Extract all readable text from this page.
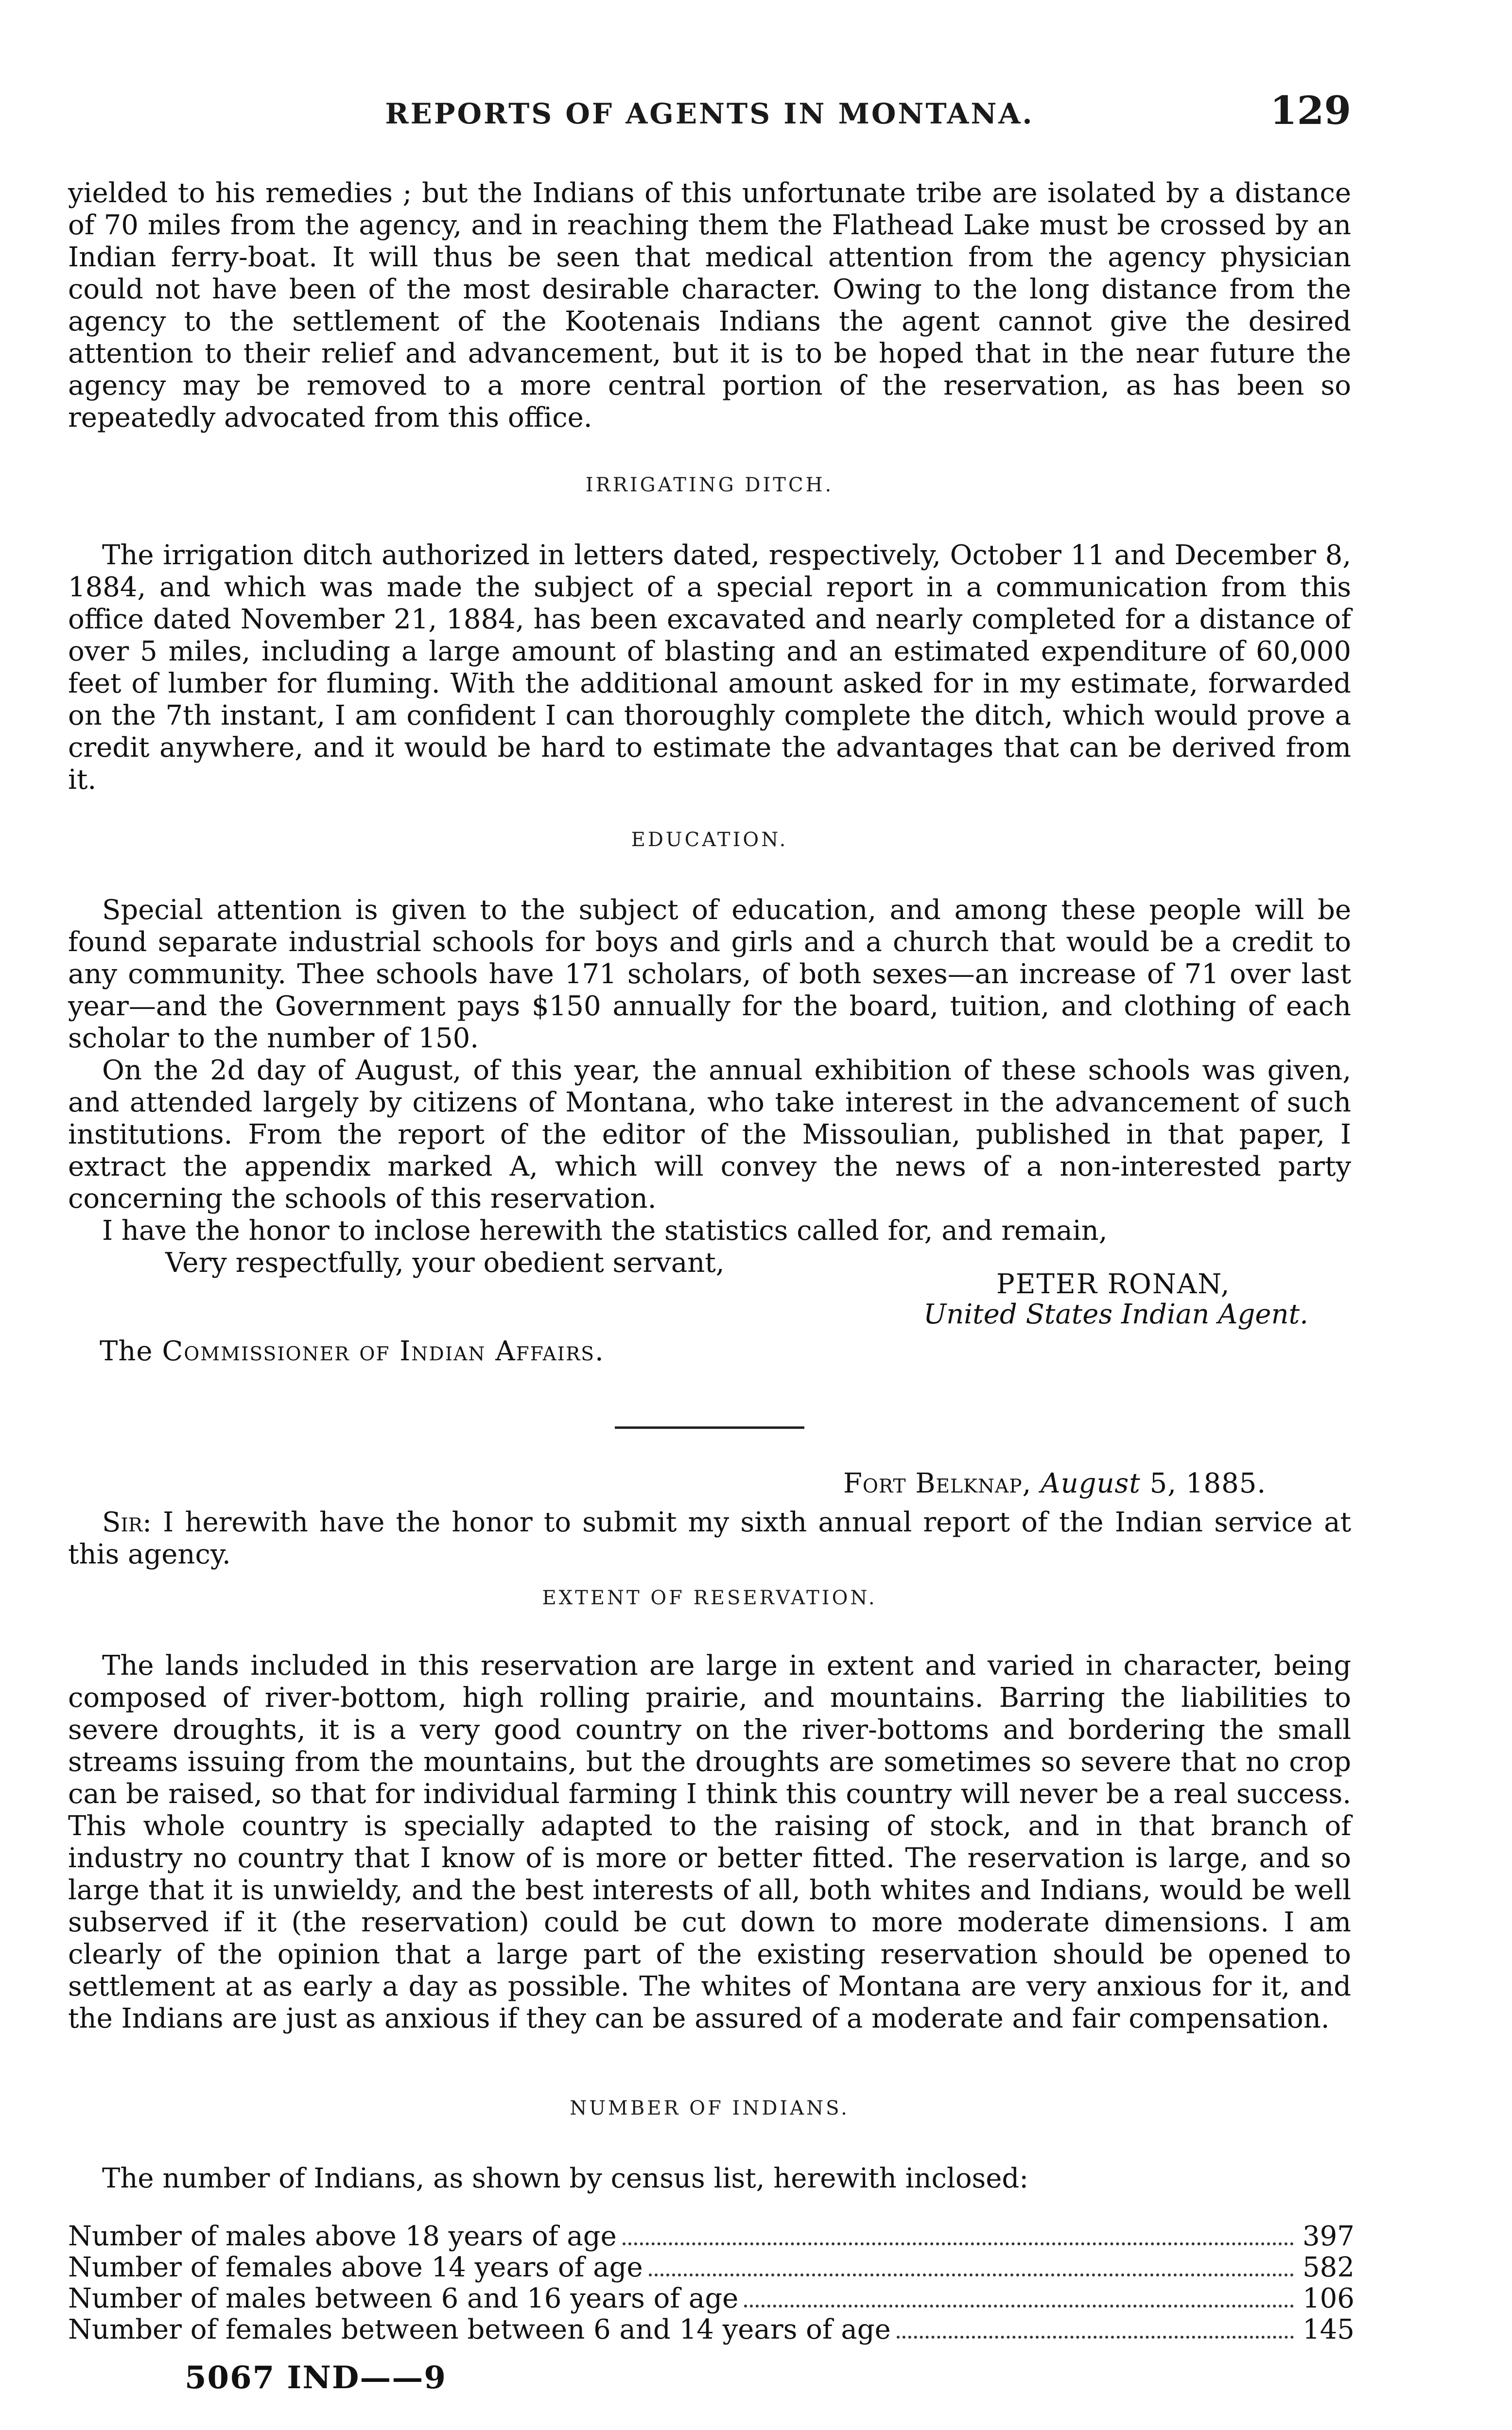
REPORTS OF AGENTS IN MONTANA.	129

yielded to his remedies ; but the Indians of this unfortunate tribe are isolated by a distance of 70 miles from the agency, and in reaching them the Flathead Lake must be crossed by an Indian ferry-boat. It will thus be seen that medical attention from the agency physician could not have been of the most desirable character. Owing to the long distance from the agency to the settlement of the Kootenais Indians the agent cannot give the desired attention to their relief and advancement, but it is to be hoped that in the near future the agency may be removed to a more central portion of the reservation, as has been so repeatedly advocated from this office.

IRRIGATING DITCH.

The irrigation ditch authorized in letters dated, respectively, October 11 and December 8, 1884, and which was made the subject of a special report in a communication from this office dated November 21, 1884, has been excavated and nearly completed for a distance of over 5 miles, including a large amount of blasting and an estimated expenditure of 60,000 feet of lumber for fluming. With the additional amount asked for in my estimate, forwarded on the 7th instant, I am confident I can thoroughly complete the ditch, which would prove a credit anywhere, and it would be hard to estimate the advantages that can be derived from it.

EDUCATION.

Special attention is given to the subject of education, and among these people will be found separate industrial schools for boys and girls and a church that would be a credit to any community. Thee schools have 171 scholars, of both sexes—an increase of 71 over last year—and the Government pays $150 annually for the board, tuition, and clothing of each scholar to the number of 150.

On the 2d day of August, of this year, the annual exhibition of these schools was given, and attended largely by citizens of Montana, who take interest in the advancement of such institutions. From the report of the editor of the Missoulian, published in that paper, I extract the appendix marked A, which will convey the news of a non-interested party concerning the schools of this reservation.

I have the honor to inclose herewith the statistics called for, and remain,

Very respectfully, your obedient servant,

PETER RONAN,
United States Indian Agent.
The Commissioner of Indian Affairs.
Fort Belknap, August 5, 1885.

Sir: I herewith have the honor to submit my sixth annual report of the Indian service at this agency.

EXTENT OF RESERVATION.

The lands included in this reservation are large in extent and varied in character, being composed of river-bottom, high rolling prairie, and mountains. Barring the liabilities to severe droughts, it is a very good country on the river-bottoms and bordering the small streams issuing from the mountains, but the droughts are sometimes so severe that no crop can be raised, so that for individual farming I think this country will never be a real success. This whole country is specially adapted to the raising of stock, and in that branch of industry no country that I know of is more or better fitted. The reservation is large, and so large that it is unwieldy, and the best interests of all, both whites and Indians, would be well subserved if it (the reservation) could be cut down to more moderate dimensions. I am clearly of the opinion that a large part of the existing reservation should be opened to settlement at as early a day as possible. The whites of Montana are very anxious for it, and the Indians are just as anxious if they can be assured of a moderate and fair compensation.

NUMBER OF INDIANS.

The number of Indians, as shown by census list, herewith inclosed:

Number of males above 18 years of age	397
Number of females above 14 years of age	582
Number of males between 6 and 16 years of age	106
Number of females between between 6 and 14 years of age	145
5067 IND——9
